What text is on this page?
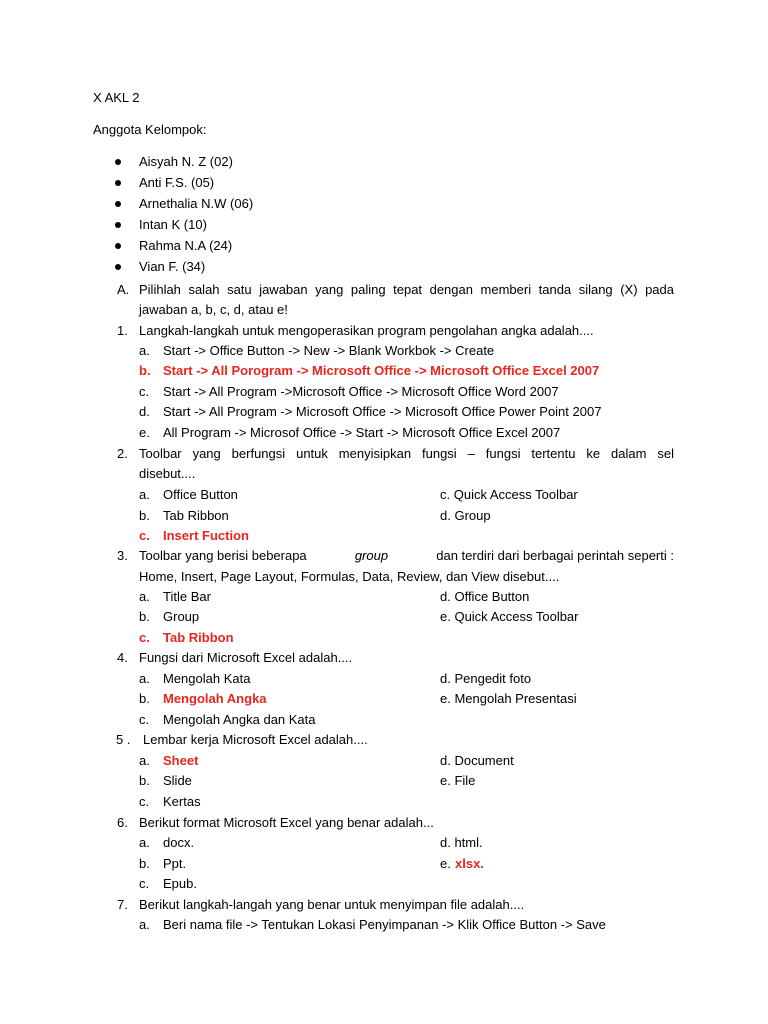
X AKL 2
Anggota Kelompok:
Aisyah N. Z (02)
Anti F.S. (05)
Arnethalia N.W (06)
Intan K (10)
Rahma N.A (24)
Vian F. (34)
A. Pilihlah salah satu jawaban yang paling tepat dengan memberi tanda silang (X) pada
jawaban a, b, c, d, atau e!
1. Langkah-langkah untuk mengoperasikan program pengolahan angka adalah....
a. Start -> Office Button -> New -> Blank Workbok -> Create
b. Start -> All Porogram -> Microsoft Office -> Microsoft Office Excel 2007
c. Start -> All Program ->Microsoft Office -> Microsoft Office Word 2007
d. Start -> All Program -> Microsoft Office -> Microsoft Office Power Point 2007
e. All Program -> Microsof Office -> Start -> Microsoft Office Excel 2007
2. Toolbar yang berfungsi untuk menyisipkan fungsi – fungsi tertentu ke dalam sel
disebut....
a. Office Button	c. Quick Access Toolbar
b. Tab Ribbon	d. Group
c. Insert Fuction
3. Toolbar yang berisi beberapa	group	dan terdiri dari berbagai perintah seperti :
Home, Insert, Page Layout, Formulas, Data, Review, dan View disebut....
a. Title Bar	d. Office Button
b. Group	e. Quick Access Toolbar
c. Tab Ribbon
4. Fungsi dari Microsoft Excel adalah....
a. Mengolah Kata	d. Pengedit foto
b. Mengolah Angka	e. Mengolah Presentasi
c. Mengolah Angka dan Kata
5 . Lembar kerja Microsoft Excel adalah....
a. Sheet	d. Document
b. Slide	e. File
c. Kertas
6. Berikut format Microsoft Excel yang benar adalah...
a. docx.	d. html.
b. Ppt.	e. xlsx.
c. Epub.
7. Berikut langkah-langah yang benar untuk menyimpan file adalah....
a. Beri nama file -> Tentukan Lokasi Penyimpanan -> Klik Office Button -> Save
